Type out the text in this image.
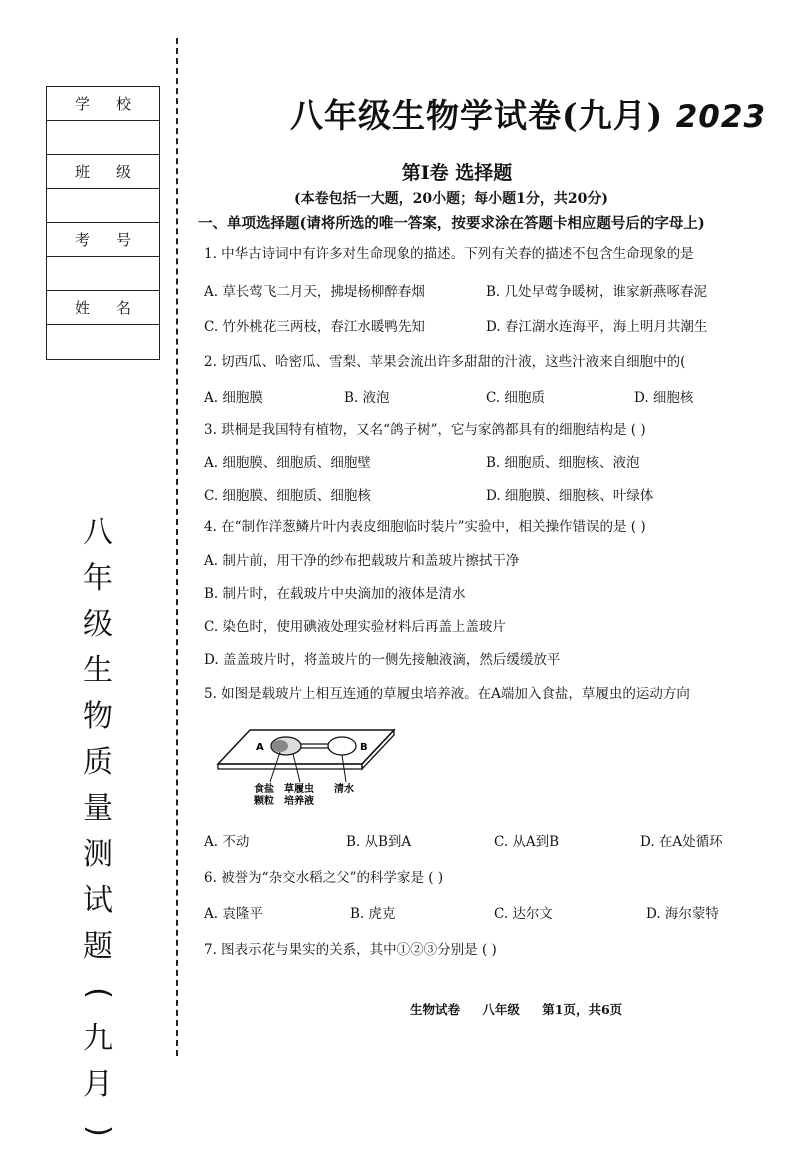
学校
班级
考号
姓名
八
年
级
生
物
质
量
测
试
题
(
九
月
)
八年级生物学试卷(九月) 2023
第Ⅰ卷 选择题
(本卷包括一大题，20小题；每小题1分，共20分)
一、单项选择题(请将所选的唯一答案，按要求涂在答题卡相应题号后的字母上)
1. 中华古诗词中有许多对生命现象的描述。下列有关春的描述不包含生命现象的是
A. 草长莺飞二月天，拂堤杨柳醉春烟	B. 几处早莺争暖树，谁家新燕啄春泥
C. 竹外桃花三两枝，春江水暖鸭先知	D. 春江湖水连海平，海上明月共潮生
2. 切西瓜、哈密瓜、雪梨、苹果会流出许多甜甜的汁液，这些汁液来自细胞中的(
A. 细胞膜	B. 液泡	C. 细胞质	D. 细胞核
3. 珙桐是我国特有植物，又名“鸽子树”，它与家鸽都具有的细胞结构是 ( )
A. 细胞膜、细胞质、细胞壁	B. 细胞质、细胞核、液泡
C. 细胞膜、细胞质、细胞核	D. 细胞膜、细胞核、叶绿体
4. 在“制作洋葱鳞片叶内表皮细胞临时装片”实验中，相关操作错误的是 ( )
A. 制片前，用干净的纱布把载玻片和盖玻片擦拭干净
B. 制片时，在载玻片中央滴加的液体是清水
C. 染色时，使用碘液处理实验材料后再盖上盖玻片
D. 盖盖玻片时，将盖玻片的一侧先接触液滴，然后缓缓放平
5. 如图是载玻片上相互连通的草履虫培养液。在A端加入食盐，草履虫的运动方向
A	B
食盐
颗粒
草履虫
培养液
清水
A. 不动	B. 从B到A	C. 从A到B	D. 在A处循环
6. 被誉为“杂交水稻之父”的科学家是 ( )
A. 袁隆平	B. 虎克	C. 达尔文	D. 海尔蒙特
7. 图表示花与果实的关系，其中①②③分别是 ( )
生物试卷 八年级 第1页，共6页
